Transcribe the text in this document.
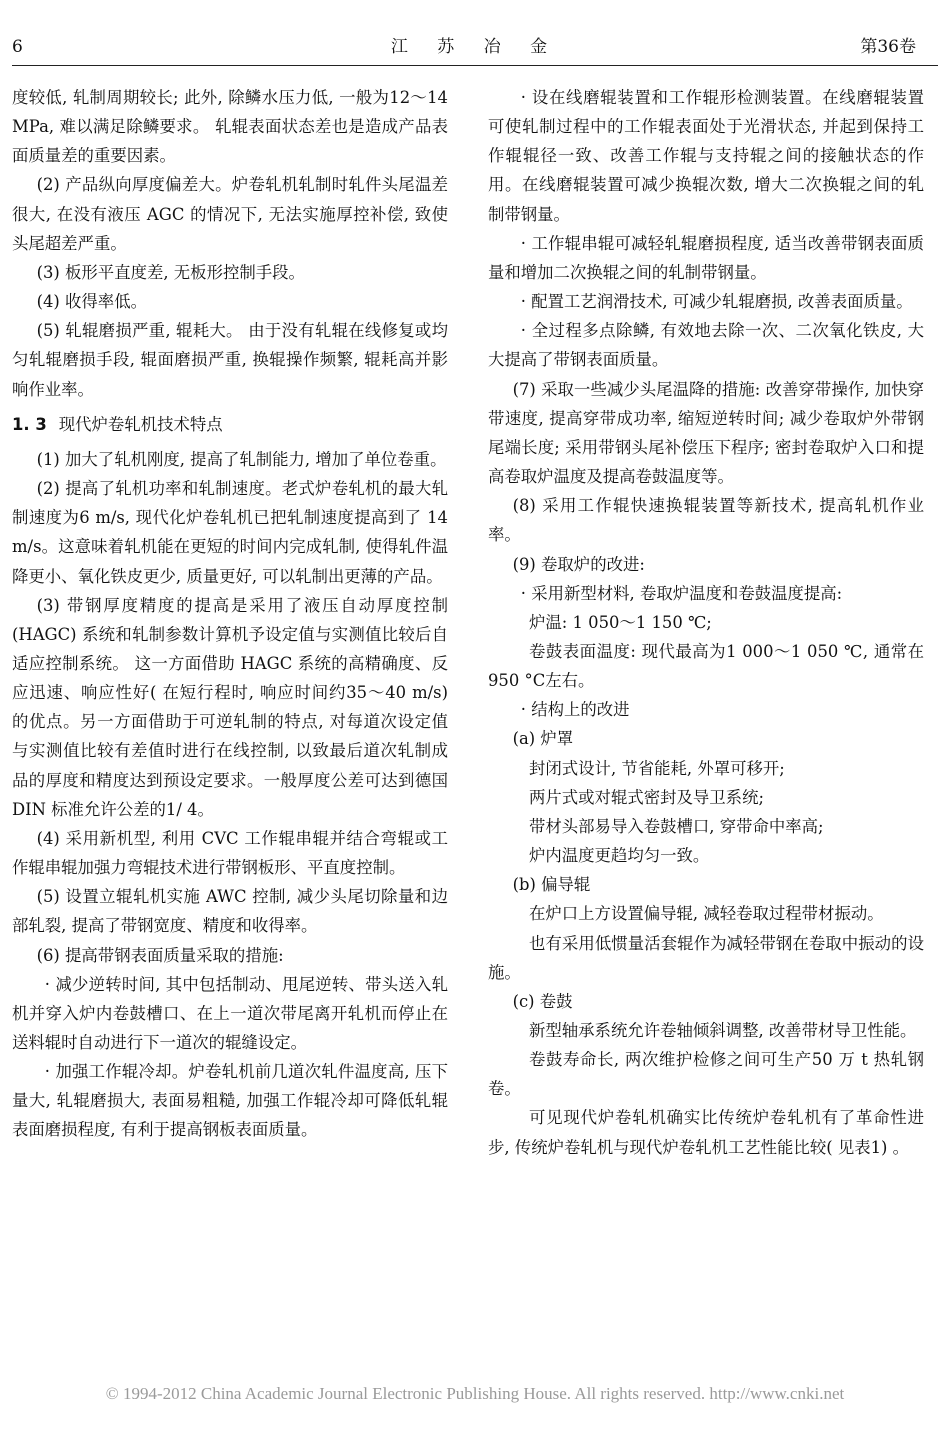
6	江 苏 冶 金	第36卷

度较低, 轧制周期较长; 此外, 除鳞水压力低, 一般为12～14 MPa, 难以满足除鳞要求。 轧辊表面状态差也是造成产品表面质量差的重要因素。

(2) 产品纵向厚度偏差大。炉卷轧机轧制时轧件头尾温差很大, 在没有液压 AGC 的情况下, 无法实施厚控补偿, 致使头尾超差严重。

(3) 板形平直度差, 无板形控制手段。

(4) 收得率低。

(5) 轧辊磨损严重, 辊耗大。 由于没有轧辊在线修复或均匀轧辊磨损手段, 辊面磨损严重, 换辊操作频繁, 辊耗高并影响作业率。

1. 3 现代炉卷轧机技术特点

(1) 加大了轧机刚度, 提高了轧制能力, 增加了单位卷重。

(2) 提高了轧机功率和轧制速度。老式炉卷轧机的最大轧制速度为6 m/s, 现代化炉卷轧机已把轧制速度提高到了 14 m/s。这意味着轧机能在更短的时间内完成轧制, 使得轧件温降更小、氧化铁皮更少, 质量更好, 可以轧制出更薄的产品。

(3) 带钢厚度精度的提高是采用了液压自动厚度控制(HAGC) 系统和轧制参数计算机予设定值与实测值比较后自适应控制系统。 这一方面借助 HAGC 系统的高精确度、反应迅速、响应性好( 在短行程时, 响应时间约35～40 m/s) 的优点。另一方面借助于可逆轧制的特点, 对每道次设定值与实测值比较有差值时进行在线控制, 以致最后道次轧制成品的厚度和精度达到预设定要求。一般厚度公差可达到德国DIN 标准允许公差的1/ 4。

(4) 采用新机型, 利用 CVC 工作辊串辊并结合弯辊或工作辊串辊加强力弯辊技术进行带钢板形、平直度控制。

(5) 设置立辊轧机实施 AWC 控制, 减少头尾切除量和边部轧裂, 提高了带钢宽度、精度和收得率。

(6) 提高带钢表面质量采取的措施:

· 减少逆转时间, 其中包括制动、甩尾逆转、带头送入轧机并穿入炉内卷鼓槽口、在上一道次带尾离开轧机而停止在送料辊时自动进行下一道次的辊缝设定。

· 加强工作辊冷却。炉卷轧机前几道次轧件温度高, 压下量大, 轧辊磨损大, 表面易粗糙, 加强工作辊冷却可降低轧辊表面磨损程度, 有利于提高钢板表面质量。

· 设在线磨辊装置和工作辊形检测装置。在线磨辊装置可使轧制过程中的工作辊表面处于光滑状态, 并起到保持工作辊辊径一致、改善工作辊与支持辊之间的接触状态的作用。在线磨辊装置可减少换辊次数, 增大二次换辊之间的轧制带钢量。

· 工作辊串辊可减轻轧辊磨损程度, 适当改善带钢表面质量和增加二次换辊之间的轧制带钢量。

· 配置工艺润滑技术, 可减少轧辊磨损, 改善表面质量。

· 全过程多点除鳞, 有效地去除一次、二次氧化铁皮, 大大提高了带钢表面质量。

(7) 采取一些减少头尾温降的措施: 改善穿带操作, 加快穿带速度, 提高穿带成功率, 缩短逆转时间; 减少卷取炉外带钢尾端长度; 采用带钢头尾补偿压下程序; 密封卷取炉入口和提高卷取炉温度及提高卷鼓温度等。

(8) 采用工作辊快速换辊装置等新技术, 提高轧机作业率。

(9) 卷取炉的改进:

· 采用新型材料, 卷取炉温度和卷鼓温度提高:

炉温: 1 050～1 150 ℃;

卷鼓表面温度: 现代最高为1 000～1 050 ℃, 通常在950 °C左右。

· 结构上的改进

(a) 炉罩

封闭式设计, 节省能耗, 外罩可移开;

两片式或对辊式密封及导卫系统;

带材头部易导入卷鼓槽口, 穿带命中率高;

炉内温度更趋均匀一致。

(b) 偏导辊

在炉口上方设置偏导辊, 减轻卷取过程带材振动。

也有采用低惯量活套辊作为减轻带钢在卷取中振动的设施。

(c) 卷鼓

新型轴承系统允许卷轴倾斜调整, 改善带材导卫性能。

卷鼓寿命长, 两次维护检修之间可生产50 万 t 热轧钢卷。

可见现代炉卷轧机确实比传统炉卷轧机有了革命性进步, 传统炉卷轧机与现代炉卷轧机工艺性能比较( 见表1) 。

© 1994-2012 China Academic Journal Electronic Publishing House. All rights reserved. http://www.cnki.net
